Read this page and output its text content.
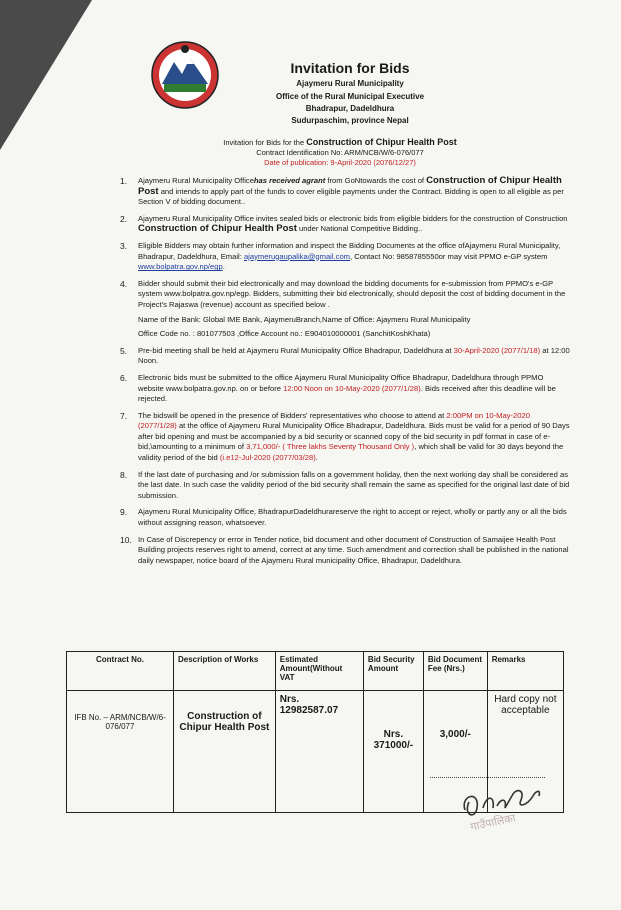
Invitation for Bids
Ajaymeru Rural Municipality
Office of the Rural Municipal Executive
Bhadrapur, Dadeldhura
Sudurpaschim, province Nepal
Invitation for Bids for the Construction of Chipur Health Post
Contract Identification No: ARM/NCB/W/6-076/077
Date of publication: 9-April-2020 (2076/12/27)
1. Ajaymeru Rural Municipality Officehas received agrant from GoNtowards the cost of Construction of Chipur Health Post and intends to apply part of the funds to cover eligible payments under the Contract. Bidding is open to all eligible as per Section V of bidding document..
2. Ajaymeru Rural Municipality Office invites sealed bids or electronic bids from eligible bidders for the construction of Construction Construction of Chipur Health Post under National Competitive Bidding..
3. Eligible Bidders may obtain further information and inspect the Bidding Documents at the office ofAjaymeru Rural Municipality, Bhadrapur, Dadeldhura, Email: ajaymerugaupalika@gmail.com, Contact No: 9858785550or may visit PPMO e-GP system www.bolpatra.gov.np/egp.
4. Bidder should submit their bid electronically and may download the bidding documents for e-submission from PPMO's e-GP system www.bolpatra.gov.np/egp. Bidders, submitting their bid electronically, should deposit the cost of bidding document in the Project's Rajaswa (revenue) account as specified below .
Name of the Bank: Global IME Bank, AjaymeruBranch,Name of Office: Ajaymeru Rural Municipality
Office Code no. : 801077503 ,Office Account no.: E904010000001 (SanchitKoshKhata)
5. Pre-bid meeting shall be held at Ajaymeru Rural Municipality Office Bhadrapur, Dadeldhura at 30-April-2020 (2077/1/18) at 12:00 Noon.
6. Electronic bids must be submitted to the office Ajaymeru Rural Municipality Office Bhadrapur, Dadeldhura through PPMO website www.bolpatra.gov.np. on or before 12:00 Noon on 10-May-2020 (2077/1/28). Bids received after this deadline will be rejected.
7. The bidswill be opened in the presence of Bidders' representatives who choose to attend at 2:00PM on 10-May-2020 (2077/1/28) at the office of Ajaymeru Rural Municipality Office Bhadrapur, Dadeldhura. Bids must be valid for a period of 90 Days after bid opening and must be accompanied by a bid security or scanned copy of the bid security in pdf format in case of e-bid,\amounting to a minimum of 3,71,000/- ( Three lakhs Seventy Thousand Only ), which shall be valid for 30 days beyond the validity period of the bid (i.e12-Jul-2020 (2077/03/28).
8. If the last date of purchasing and /or submission falls on a government holiday, then the next working day shall be considered as the last date. In such case the validity period of the bid security shall remain the same as specified for the original last date of bid submission.
9. Ajaymeru Rural Municipality Office, BhadrapurDadeldhurareserve the right to accept or reject, wholly or partly any or all the bids without assigning reason, whatsoever.
10. In Case of Discrepency or error in Tender notice, bid document and other document of Construction of Samaijee Health Post Building projects reserves right to amend, correct at any time. Such amendment and correction shall be published in the national daily newspaper, notice board of the Ajaymeru Rural municipality Office, Bhadrapur, Dadeldhura.
Contract No.	Description of Works	Estimated Amount(Without VAT	Bid Security Amount	Bid Document Fee (Nrs.)	Remarks
IFB No. – ARM/NCB/W/6-076/077	Construction of Chipur Health Post	Nrs.
12982587.07	Nrs. 371000/-	3,000/-	Hard copy not acceptable
गाउँपालिका
